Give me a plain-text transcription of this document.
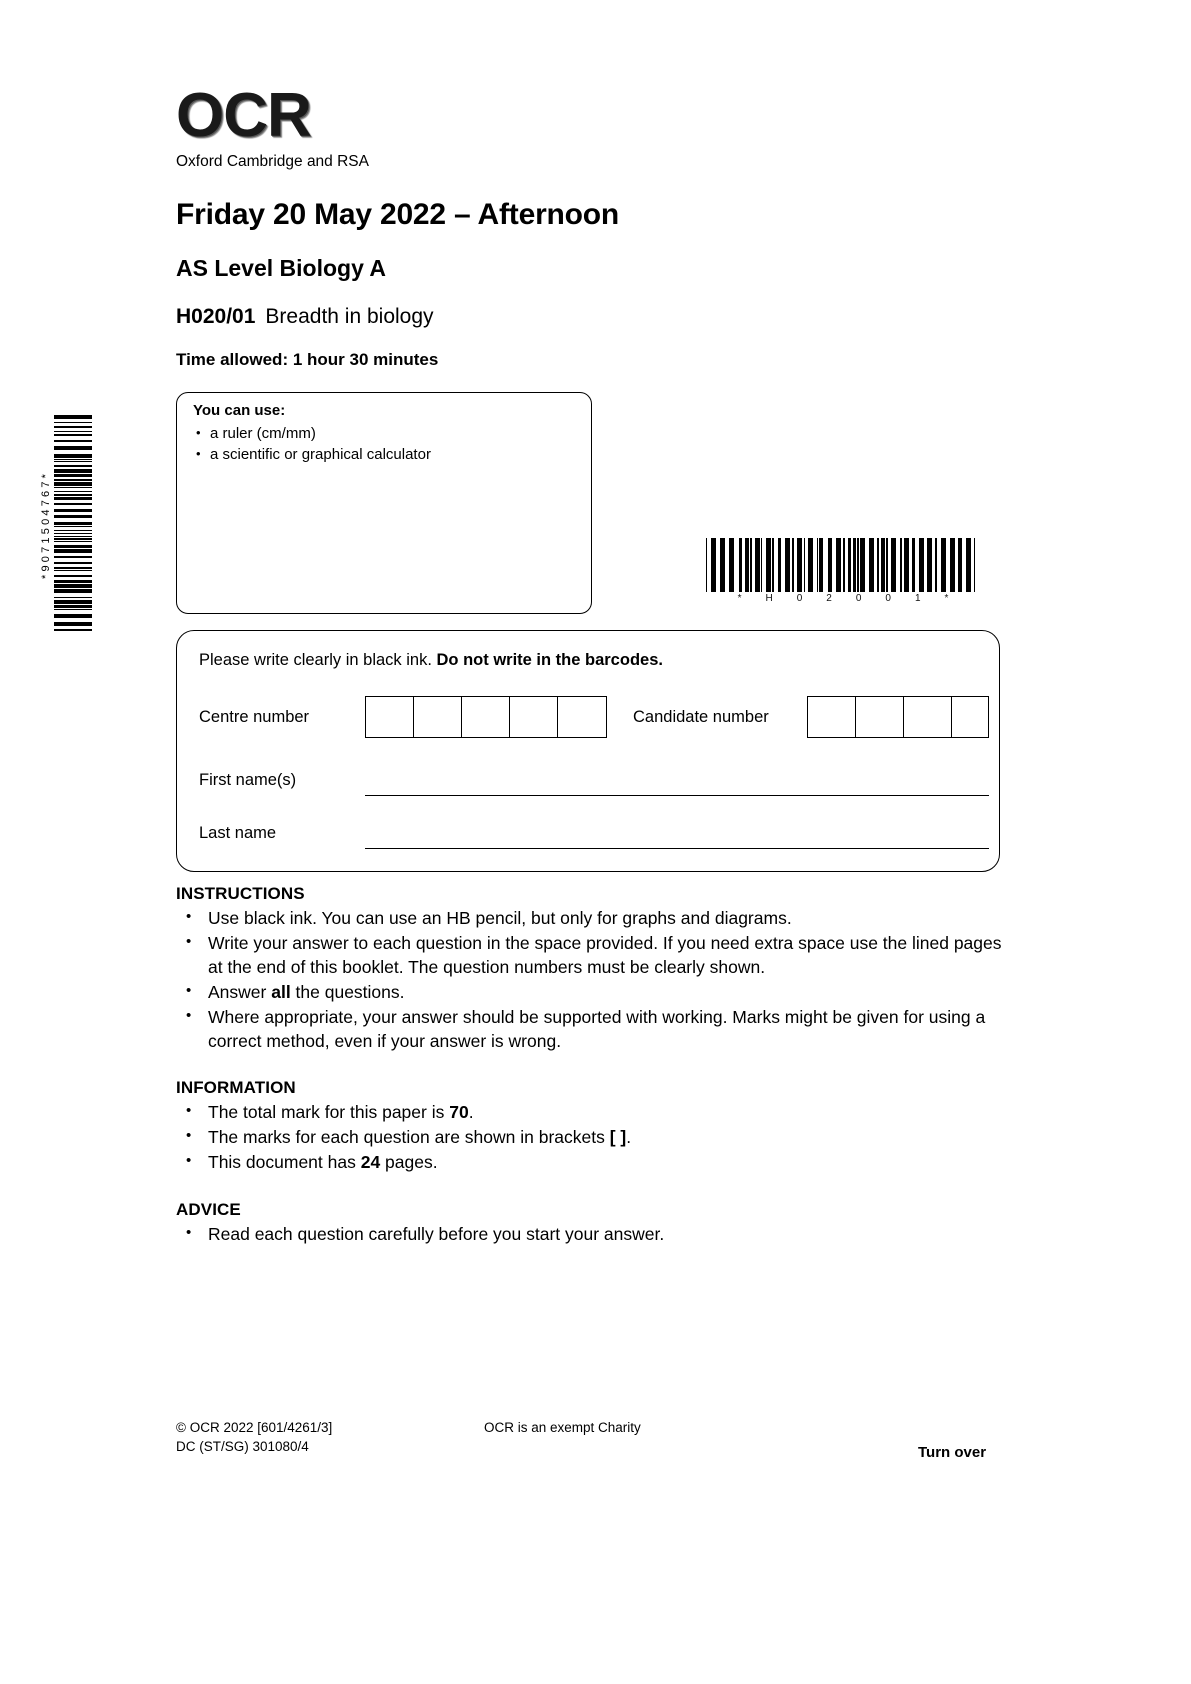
*9071504767*
OCR
Oxford Cambridge and RSA
Friday 20 May 2022 – Afternoon
AS Level Biology A
H020/01 Breadth in biology
Time allowed: 1 hour 30 minutes
You can use:
• a ruler (cm/mm)
• a scientific or graphical calculator
*H02001*
Please write clearly in black ink. Do not write in the barcodes.
Centre number	Candidate number
First name(s)
Last name
INSTRUCTIONS
• Use black ink. You can use an HB pencil, but only for graphs and diagrams.
• Write your answer to each question in the space provided. If you need extra space use the lined pages at the end of this booklet. The question numbers must be clearly shown.
• Answer all the questions.
• Where appropriate, your answer should be supported with working. Marks might be given for using a correct method, even if your answer is wrong.
INFORMATION
• The total mark for this paper is 70.
• The marks for each question are shown in brackets [ ].
• This document has 24 pages.
ADVICE
• Read each question carefully before you start your answer.
© OCR 2022 [601/4261/3]
DC (ST/SG) 301080/4
OCR is an exempt Charity
Turn over
